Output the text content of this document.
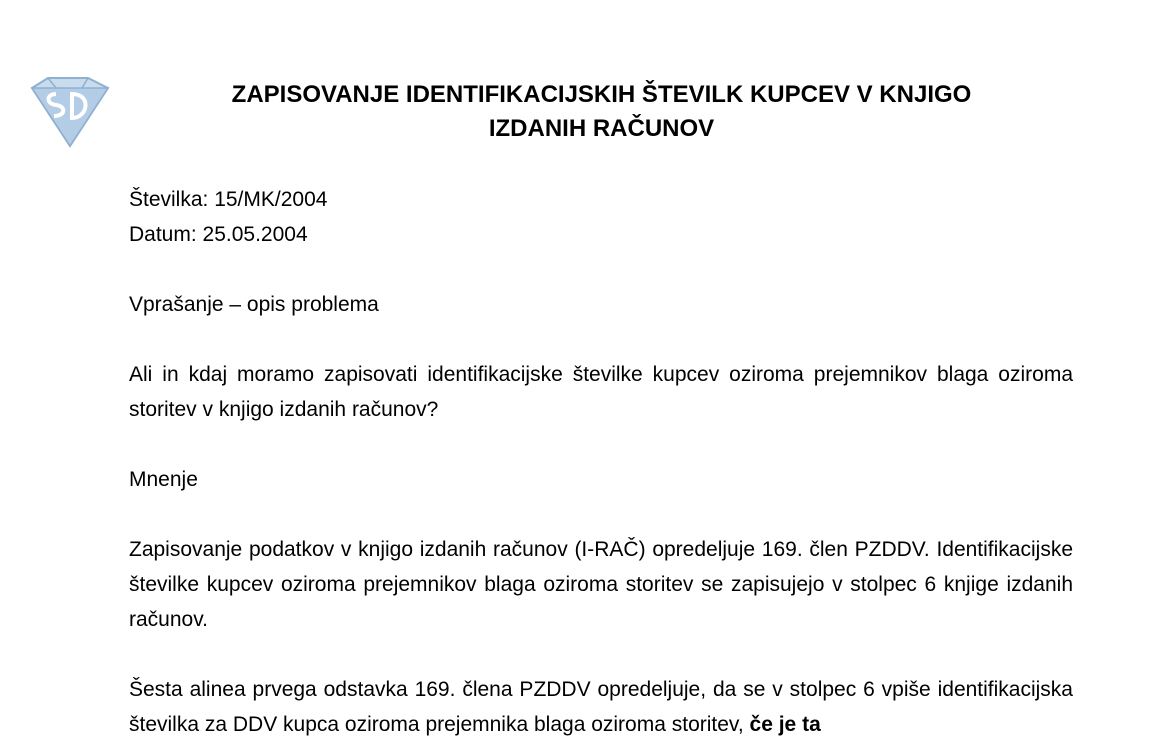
ZAPISOVANJE IDENTIFIKACIJSKIH ŠTEVILK KUPCEV V KNJIGO
IZDANIH RAČUNOV
Številka: 15/MK/2004
Datum: 25.05.2004

Vprašanje – opis problema

Ali in kdaj moramo zapisovati identifikacijske številke kupcev oziroma prejemnikov blaga oziroma storitev v knjigo izdanih računov?

Mnenje

Zapisovanje podatkov v knjigo izdanih računov (I-RAČ) opredeljuje 169. člen PZDDV. Identifikacijske številke kupcev oziroma prejemnikov blaga oziroma storitev se zapisujejo v stolpec 6 knjige izdanih računov.

Šesta alinea prvega odstavka 169. člena PZDDV opredeljuje, da se v stolpec 6 vpiše identifikacijska številka za DDV kupca oziroma prejemnika blaga oziroma storitev, če je ta
